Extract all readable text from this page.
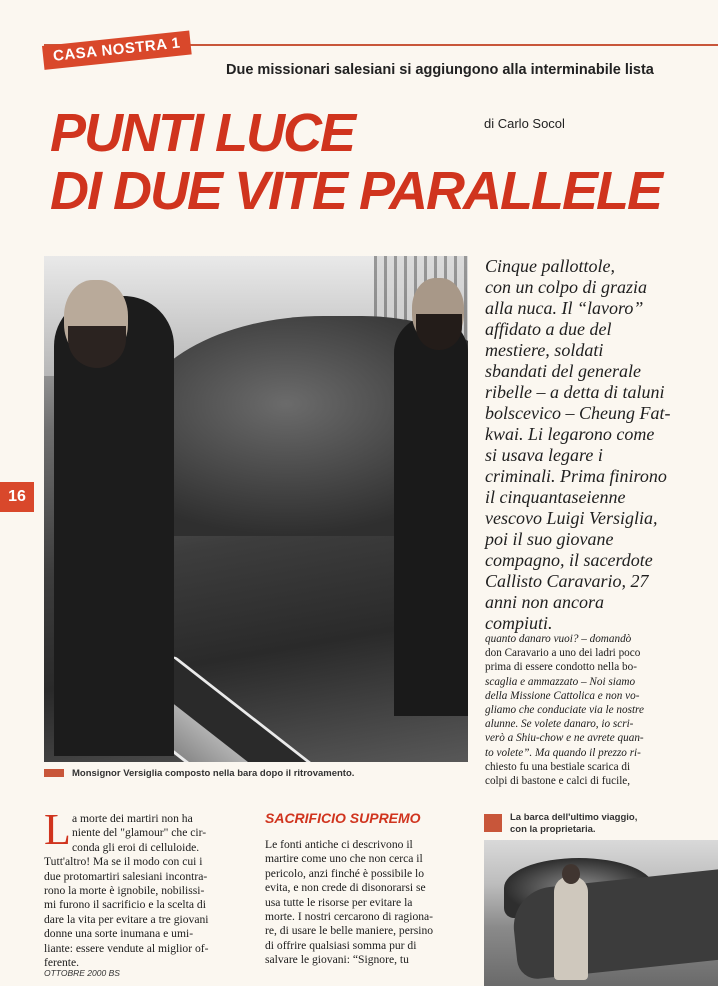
CASA NOSTRA 1
Due missionari salesiani si aggiungono alla interminabile lista
PUNTI LUCE
DI DUE VITE PARALLELE
di Carlo Socol
16
Monsignor Versiglia composto nella bara dopo il ritrovamento.
Cinque pallottole,
con un colpo di grazia
alla nuca. Il “lavoro”
affidato a due del
mestiere, soldati
sbandati del generale
ribelle – a detta di taluni
bolscevico – Cheung Fat-
kwai. Li legarono come
si usava legare i
criminali. Prima finirono
il cinquantaseienne
vescovo Luigi Versiglia,
poi il suo giovane
compagno, il sacerdote
Callisto Caravario, 27
anni non ancora
compiuti.
quanto danaro vuoi? – domandò
don Caravario a uno dei ladri poco
prima di essere condotto nella bo-
scaglia e ammazzato – Noi siamo
della Missione Cattolica e non vo-
gliamo che conduciate via le nostre
alunne. Se volete danaro, io scri-
verò a Shiu-chow e ne avrete quan-
to volete”. Ma quando il prezzo ri-
chiesto fu una bestiale scarica di
colpi di bastone e calci di fucile,
L a morte dei martiri non ha
niente del "glamour" che cir-
conda gli eroi di celluloide.
Tutt'altro! Ma se il modo con cui i
due protomartiri salesiani incontra-
rono la morte è ignobile, nobilissi-
mi furono il sacrificio e la scelta di
dare la vita per evitare a tre giovani
donne una sorte inumana e umi-
liante: essere vendute al miglior of-
ferente.
SACRIFICIO SUPREMO
Le fonti antiche ci descrivono il
martire come uno che non cerca il
pericolo, anzi finché è possibile lo
evita, e non crede di disonorarsi se
usa tutte le risorse per evitare la
morte. I nostri cercarono di ragiona-
re, di usare le belle maniere, persino
di offrire qualsiasi somma pur di
salvare le giovani: “Signore, tu
La barca dell'ultimo viaggio,
con la proprietaria.
OTTOBRE 2000 BS
